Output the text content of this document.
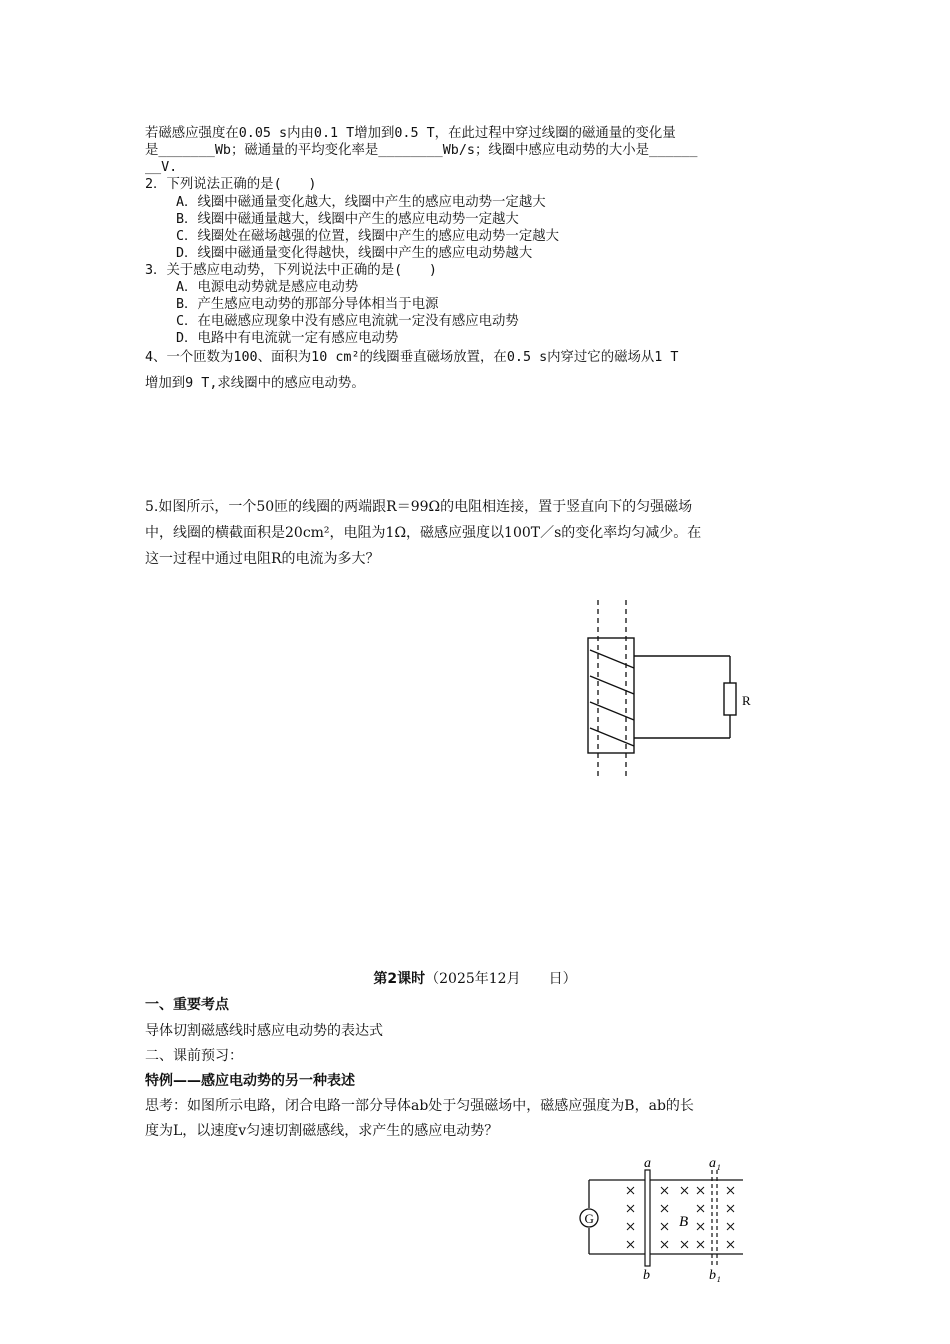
若磁感应强度在0.05 s内由0.1 T增加到0.5 T，在此过程中穿过线圈的磁通量的变化量
是_______Wb；磁通量的平均变化率是________Wb/s；线圈中感应电动势的大小是______
__V.
2．下列说法正确的是(　　)
A．线圈中磁通量变化越大，线圈中产生的感应电动势一定越大
B．线圈中磁通量越大，线圈中产生的感应电动势一定越大
C．线圈处在磁场越强的位置，线圈中产生的感应电动势一定越大
D．线圈中磁通量变化得越快，线圈中产生的感应电动势越大
3．关于感应电动势，下列说法中正确的是(　　)
A．电源电动势就是感应电动势
B．产生感应电动势的那部分导体相当于电源
C．在电磁感应现象中没有感应电流就一定没有感应电动势
D．电路中有电流就一定有感应电动势
4、一个匝数为100、面积为10 cm²的线圈垂直磁场放置，在0.5 s内穿过它的磁场从1 T
增加到9 T,求线圈中的感应电动势。
5.如图所示，一个50匝的线圈的两端跟R＝99Ω的电阻相连接，置于竖直向下的匀强磁场
中，线圈的横截面积是20cm²，电阻为1Ω，磁感应强度以100T／s的变化率均匀减少。在
这一过程中通过电阻R的电流为多大？
R
第2课时（2025年12月　　日）
一、重要考点
导体切割磁感线时感应电动势的表达式
二、课前预习：
特例——感应电动势的另一种表述
思考：如图所示电路，闭合电路一部分导体ab处于匀强磁场中，磁感应强度为B，ab的长
度为L，以速度v匀速切割磁感线，求产生的感应电动势？
G	B
a	a₁
b	b₁
